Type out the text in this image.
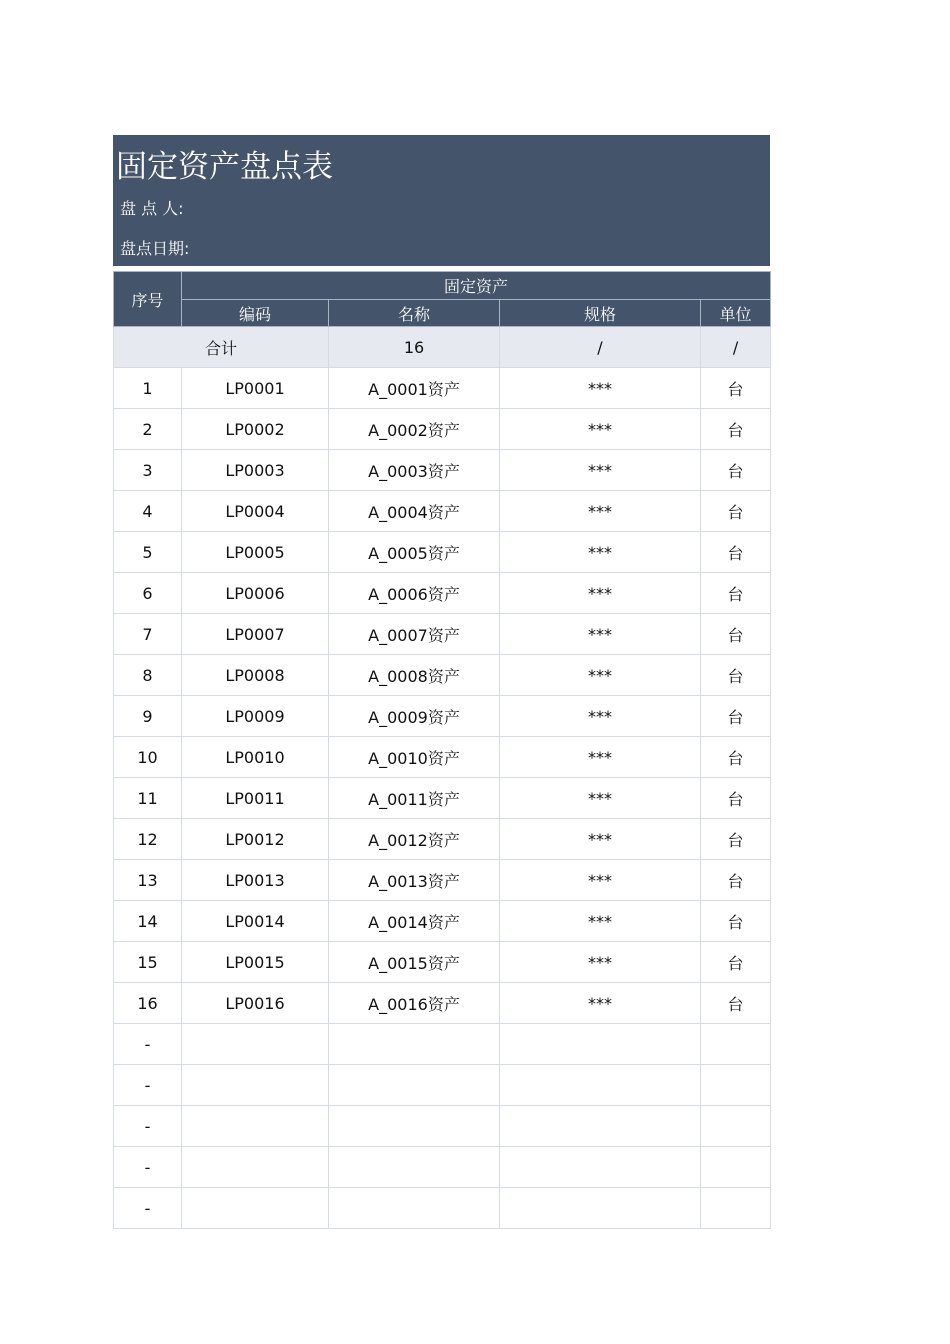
固定资产盘点表
盘 点 人:
盘点日期:
序号	固定资产			
	编码	名称	规格	单位
合计		16	/	/
1	LP0001	A_0001资产	***	台
2	LP0002	A_0002资产	***	台
3	LP0003	A_0003资产	***	台
4	LP0004	A_0004资产	***	台
5	LP0005	A_0005资产	***	台
6	LP0006	A_0006资产	***	台
7	LP0007	A_0007资产	***	台
8	LP0008	A_0008资产	***	台
9	LP0009	A_0009资产	***	台
10	LP0010	A_0010资产	***	台
11	LP0011	A_0011资产	***	台
12	LP0012	A_0012资产	***	台
13	LP0013	A_0013资产	***	台
14	LP0014	A_0014资产	***	台
15	LP0015	A_0015资产	***	台
16	LP0016	A_0016资产	***	台
-				
-				
-				
-				
-				
